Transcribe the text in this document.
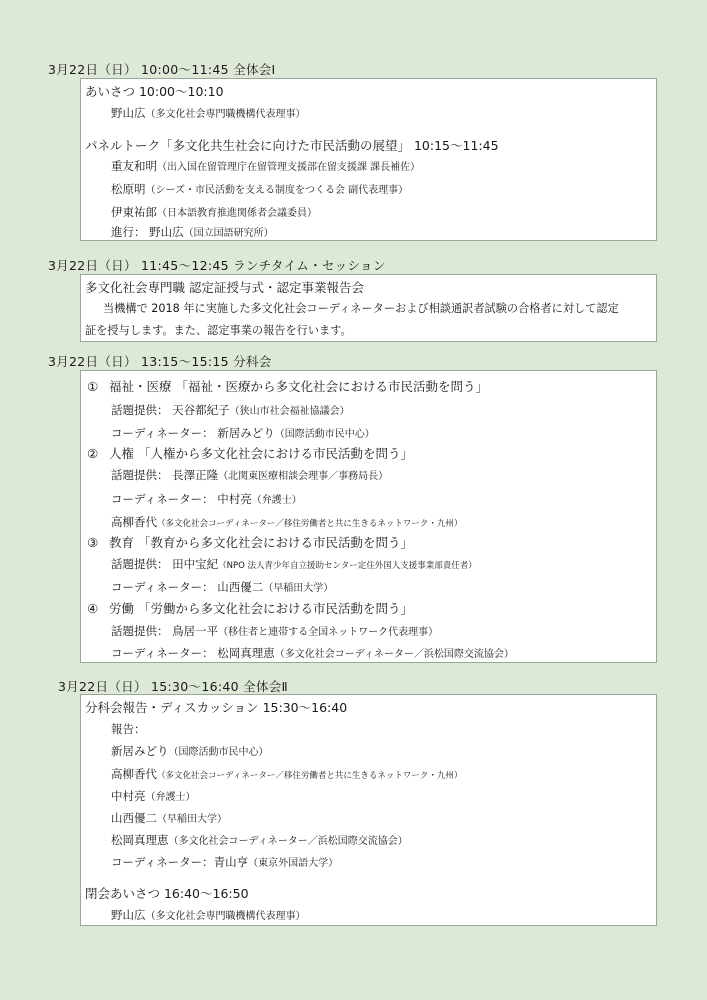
3月22日（日） 10:00～11:45 全体会Ⅰ
あいさつ 10:00～10:10
野山広（多文化社会専門職機構代表理事）
パネルトーク「多文化共生社会に向けた市民活動の展望」 10:15～11:45
重友和明（出入国在留管理庁在留管理支援部在留支援課 課長補佐）
松原明（シーズ・市民活動を支える制度をつくる会 副代表理事）
伊東祐郎（日本語教育推進関係者会議委員）
進行： 野山広（国立国語研究所）
3月22日（日） 11:45～12:45 ランチタイム・セッション
多文化社会専門職 認定証授与式・認定事業報告会
当機構で 2018 年に実施した多文化社会コーディネーターおよび相談通訳者試験の合格者に対して認定
証を授与します。また、認定事業の報告を行います。
3月22日（日） 13:15～15:15 分科会
① 福祉・医療 「福祉・医療から多文化社会における市民活動を問う」
話題提供： 天谷都紀子（狭山市社会福祉協議会）
コーディネーター： 新居みどり（国際活動市民中心）
② 人権 「人権から多文化社会における市民活動を問う」
話題提供： 長澤正隆（北関東医療相談会理事／事務局長）
コーディネーター： 中村亮（弁護士）
高柳香代（多文化社会コーディネーター／移住労働者と共に生きるネットワーク・九州）
③ 教育 「教育から多文化社会における市民活動を問う」
話題提供： 田中宝紀（NPO 法人青少年自立援助センター定住外国人支援事業部責任者）
コーディネーター： 山西優二（早稲田大学）
④ 労働 「労働から多文化社会における市民活動を問う」
話題提供： 鳥居一平（移住者と連帯する全国ネットワーク代表理事）
コーディネーター： 松岡真理恵（多文化社会コーディネーター／浜松国際交流協会）
3月22日（日） 15:30～16:40 全体会Ⅱ
分科会報告・ディスカッション 15:30～16:40
報告：
新居みどり（国際活動市民中心）
高柳香代（多文化社会コーディネーター／移住労働者と共に生きるネットワーク・九州）
中村亮（弁護士）
山西優二（早稲田大学）
松岡真理恵（多文化社会コーディネーター／浜松国際交流協会）
コーディネーター：青山亨（東京外国語大学）
閉会あいさつ 16:40～16:50
野山広（多文化社会専門職機構代表理事）
